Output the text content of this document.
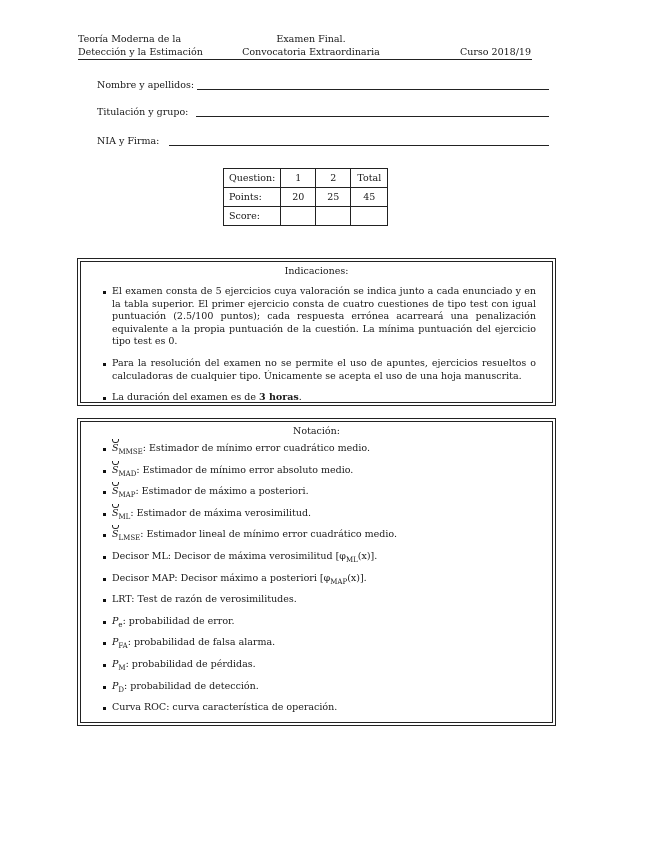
Teoría Moderna de la
Detección y la Estimación
Examen Final.
Convocatoria Extraordinaria	Curso 2018/19
Nombre y apellidos:
Titulación y grupo:
NIA y Firma:
Question:	1	2	Total
Points:	20	25	45
Score:			
Indicaciones:
El examen consta de 5 ejercicios cuya valoración se indica junto a cada enunciado y en la tabla superior. El primer ejercicio consta de cuatro cuestiones de tipo test con igual puntuación (2.5/100 puntos); cada respuesta errónea acarreará una penalización equivalente a la propia puntuación de la cuestión. La mínima puntuación del ejercicio tipo test es 0.
Para la resolución del examen no se permite el uso de apuntes, ejercicios resueltos o calculadoras de cualquier tipo. Únicamente se acepta el uso de una hoja manuscrita.
La duración del examen es de 3 horas.
Notación:
$S_{MMSE}$: Estimador de mínimo error cuadrático medio.
$S_{MAD}$: Estimador de mínimo error absoluto medio.
$S_{MAP}$: Estimador de máximo a posteriori.
$S_{ML}$: Estimador de máxima verosimilitud.
$S_{LMSE}$: Estimador lineal de mínimo error cuadrático medio.
Decisor ML: Decisor de máxima verosimilitud $[\varphi_{ML}(x)]$.
Decisor MAP: Decisor máximo a posteriori $[\varphi_{MAP}(x)]$.
LRT: Test de razón de verosimilitudes.
$P_e$: probabilidad de error.
$P_{FA}$: probabilidad de falsa alarma.
$P_M$: probabilidad de pérdidas.
$P_D$: probabilidad de detección.
Curva ROC: curva característica de operación.
